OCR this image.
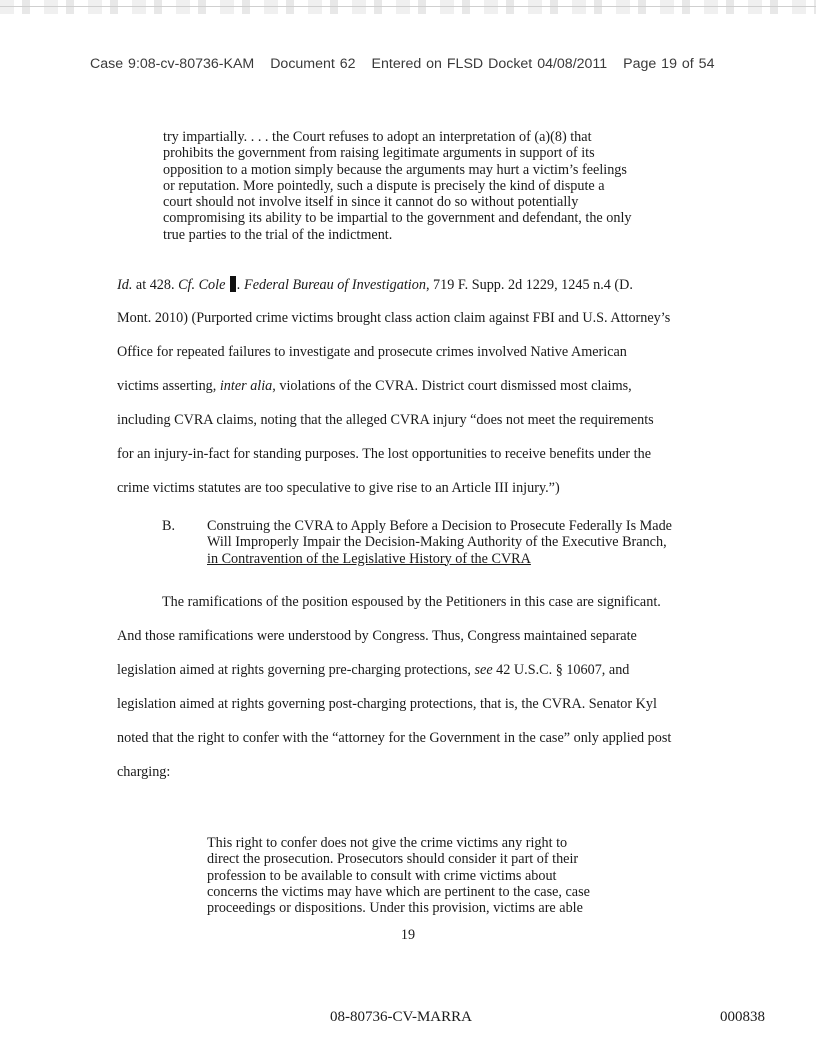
Case 9:08-cv-80736-KAM Document 62 Entered on FLSD Docket 04/08/2011 Page 19 of 54
try impartially. . . . the Court refuses to adopt an interpretation of (a)(8) that
prohibits the government from raising legitimate arguments in support of its
opposition to a motion simply because the arguments may hurt a victim’s feelings
or reputation. More pointedly, such a dispute is precisely the kind of dispute a
court should not involve itself in since it cannot do so without potentially
compromising its ability to be impartial to the government and defendant, the only
true parties to the trial of the indictment.
Id. at 428. Cf. Cole . Federal Bureau of Investigation, 719 F. Supp. 2d 1229, 1245 n.4 (D.
Mont. 2010) (Purported crime victims brought class action claim against FBI and U.S. Attorney’s
Office for repeated failures to investigate and prosecute crimes involved Native American
victims asserting, inter alia, violations of the CVRA. District court dismissed most claims,
including CVRA claims, noting that the alleged CVRA injury “does not meet the requirements
for an injury-in-fact for standing purposes. The lost opportunities to receive benefits under the
crime victims statutes are too speculative to give rise to an Article III injury.”)
B. Construing the CVRA to Apply Before a Decision to Prosecute Federally Is Made
Will Improperly Impair the Decision-Making Authority of the Executive Branch,
in Contravention of the Legislative History of the CVRA
The ramifications of the position espoused by the Petitioners in this case are significant.
And those ramifications were understood by Congress. Thus, Congress maintained separate
legislation aimed at rights governing pre-charging protections, see 42 U.S.C. § 10607, and
legislation aimed at rights governing post-charging protections, that is, the CVRA. Senator Kyl
noted that the right to confer with the “attorney for the Government in the case” only applied post
charging:
This right to confer does not give the crime victims any right to
direct the prosecution. Prosecutors should consider it part of their
profession to be available to consult with crime victims about
concerns the victims may have which are pertinent to the case, case
proceedings or dispositions. Under this provision, victims are able
19
08-80736-CV-MARRA	000838
